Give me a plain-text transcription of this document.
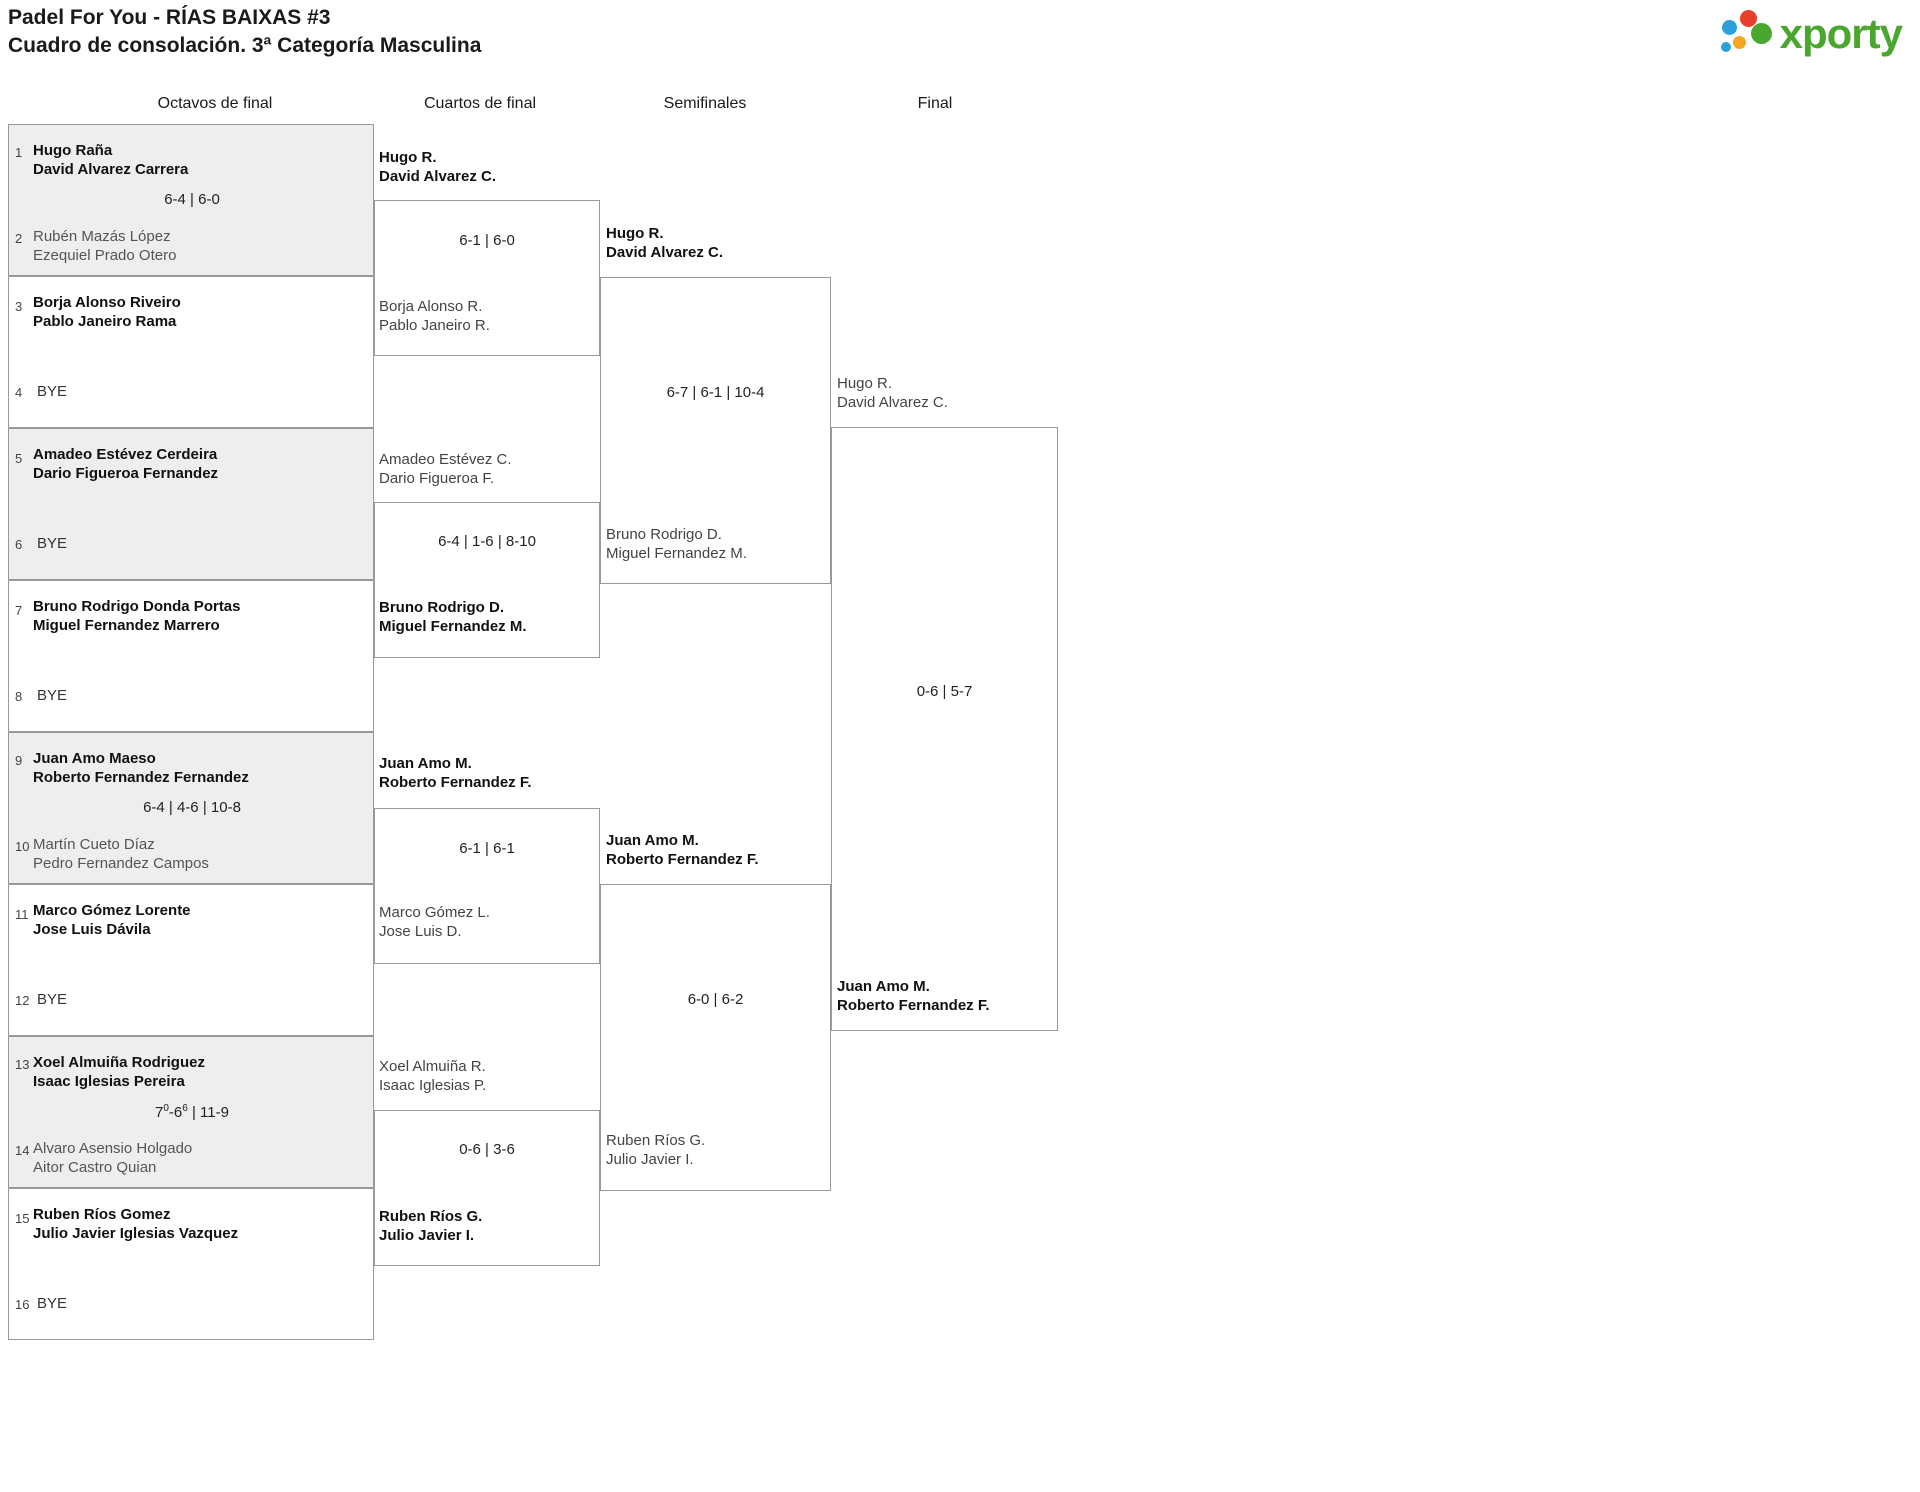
Padel For You - RÍAS BAIXAS #3
Cuadro de consolación. 3ª Categoría Masculina	xporty
Octavos de final	Cuartos de final	Semifinales	Final
1 Hugo Raña
David Alvarez Carrera
6-4 | 6-0
2 Rubén Mazás López
Ezequiel Prado Otero
3 Borja Alonso Riveiro
Pablo Janeiro Rama
4 BYE
5 Amadeo Estévez Cerdeira
Dario Figueroa Fernandez
6 BYE
7 Bruno Rodrigo Donda Portas
Miguel Fernandez Marrero
8 BYE
9 Juan Amo Maeso
Roberto Fernandez Fernandez
6-4 | 4-6 | 10-8
10 Martín Cueto Díaz
Pedro Fernandez Campos
11 Marco Gómez Lorente
Jose Luis Dávila
12 BYE
13 Xoel Almuiña Rodriguez
Isaac Iglesias Pereira
$7^0-6^6$ | 11-9
14 Alvaro Asensio Holgado
Aitor Castro Quian
15 Ruben Ríos Gomez
Julio Javier Iglesias Vazquez
16 BYE
Hugo R.
David Alvarez C.
6-1 | 6-0
Borja Alonso R.
Pablo Janeiro R.
Amadeo Estévez C.
Dario Figueroa F.
6-4 | 1-6 | 8-10
Bruno Rodrigo D.
Miguel Fernandez M.
Juan Amo M.
Roberto Fernandez F.
6-1 | 6-1
Marco Gómez L.
Jose Luis D.
Xoel Almuiña R.
Isaac Iglesias P.
0-6 | 3-6
Ruben Ríos G.
Julio Javier I.
Hugo R.
David Alvarez C.
6-7 | 6-1 | 10-4
Bruno Rodrigo D.
Miguel Fernandez M.
Juan Amo M.
Roberto Fernandez F.
6-0 | 6-2
Ruben Ríos G.
Julio Javier I.
Hugo R.
David Alvarez C.
0-6 | 5-7
Juan Amo M.
Roberto Fernandez F.
